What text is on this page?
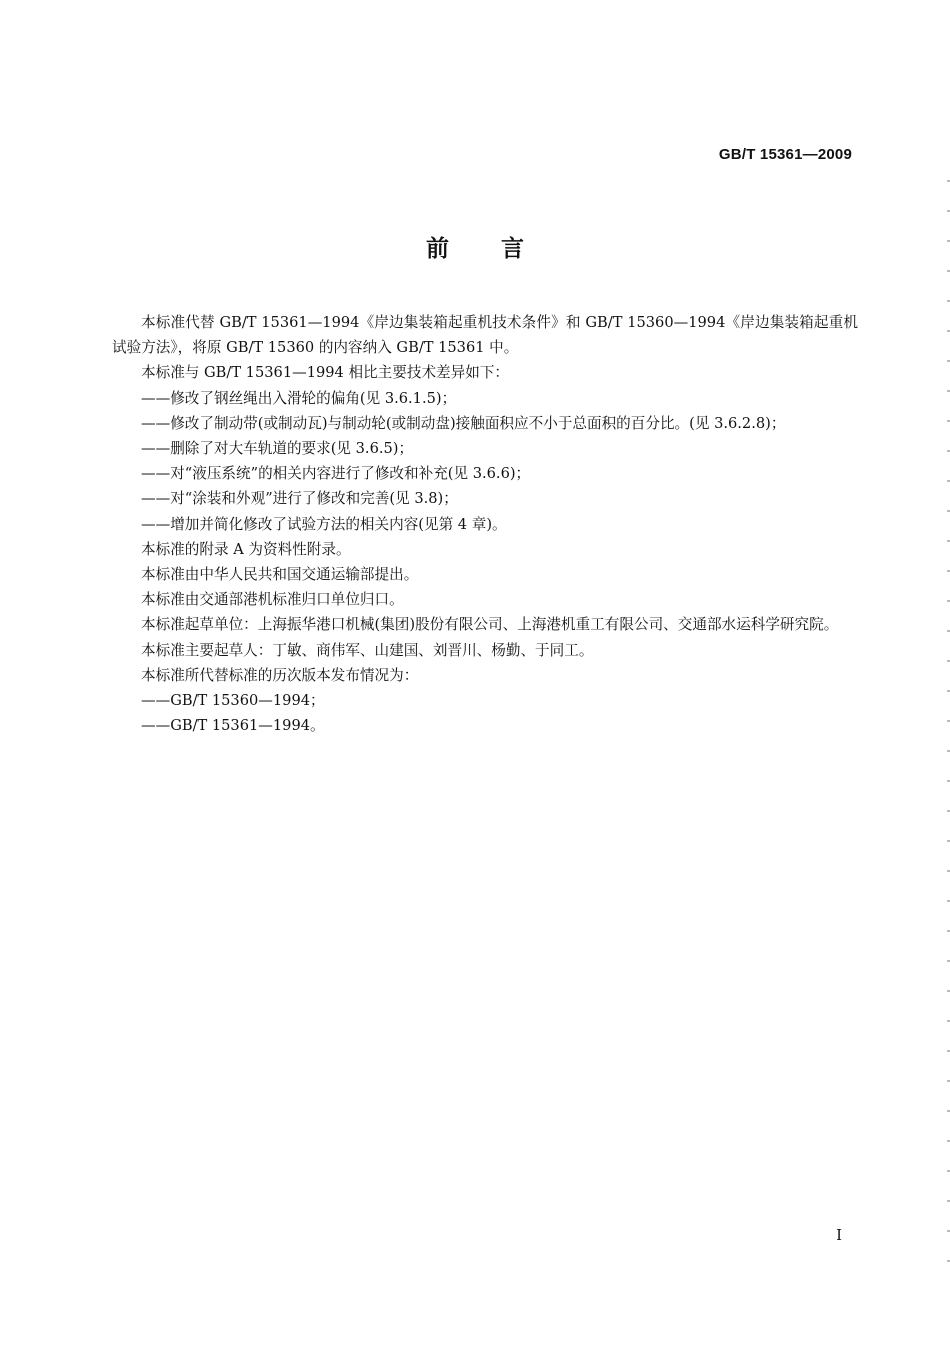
GB/T 15361—2009
前言

本标准代替 GB/T 15361—1994《岸边集装箱起重机技术条件》和 GB/T 15360—1994《岸边集装箱起重机试验方法》，将原 GB/T 15360 的内容纳入 GB/T 15361 中。

本标准与 GB/T 15361—1994 相比主要技术差异如下：

——修改了钢丝绳出入滑轮的偏角(见 3.6.1.5)；

——修改了制动带(或制动瓦)与制动轮(或制动盘)接触面积应不小于总面积的百分比。(见 3.6.2.8)；

——删除了对大车轨道的要求(见 3.6.5)；

——对“液压系统”的相关内容进行了修改和补充(见 3.6.6)；

——对“涂装和外观”进行了修改和完善(见 3.8)；

——增加并简化修改了试验方法的相关内容(见第 4 章)。

本标准的附录 A 为资料性附录。

本标准由中华人民共和国交通运输部提出。

本标准由交通部港机标准归口单位归口。

本标准起草单位：上海振华港口机械(集团)股份有限公司、上海港机重工有限公司、交通部水运科学研究院。

本标准主要起草人：丁敏、商伟军、山建国、刘晋川、杨勤、于同工。

本标准所代替标准的历次版本发布情况为：

——GB/T 15360—1994；

——GB/T 15361—1994。

I
